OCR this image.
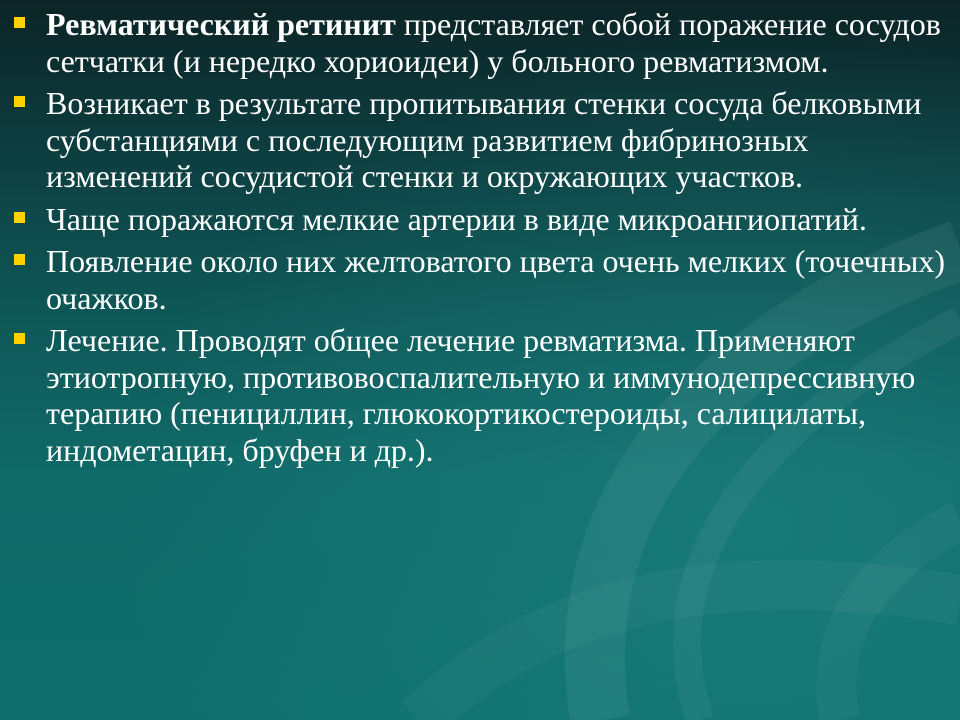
Ревматический ретинит представляет собой поражение сосудов сетчатки (и нередко хориоидеи) у больного ревматизмом.
Возникает в результате пропитывания стенки сосуда белковыми субстанциями с последующим развитием фибринозных изменений сосудистой стенки и окружающих участков.
Чаще поражаются мелкие артерии в виде микроангиопатий.
Появление около них желтоватого цвета очень мелких (точечных) очажков.
Лечение. Проводят общее лечение ревматизма. Применяют этиотропную, противовоспалительную и иммунодепрессивную терапию (пенициллин, глюкокортикостероиды, салицилаты, индометацин, бруфен и др.).
